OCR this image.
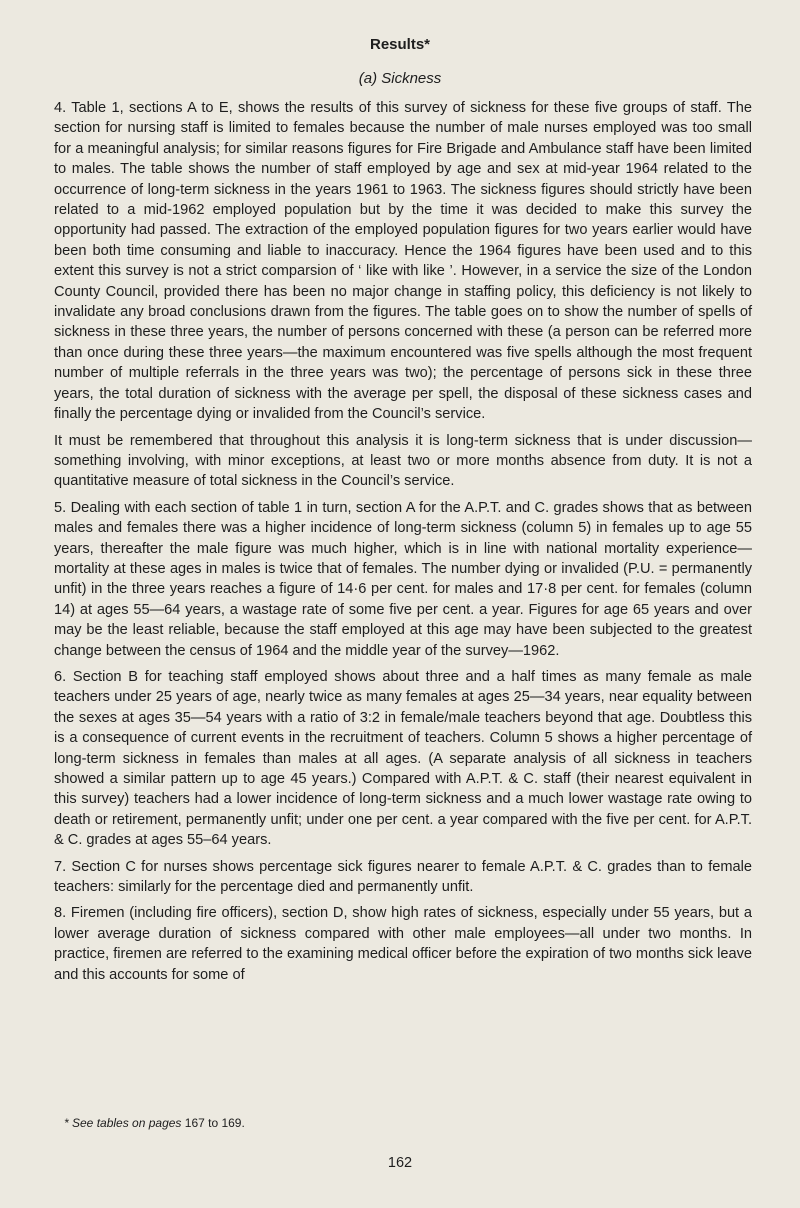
Results*
(a) Sickness

4. Table 1, sections A to E, shows the results of this survey of sickness for these five groups of staff. The section for nursing staff is limited to females because the number of male nurses employed was too small for a meaningful analysis; for similar reasons figures for Fire Brigade and Ambulance staff have been limited to males. The table shows the number of staff employed by age and sex at mid-year 1964 related to the occurrence of long-term sickness in the years 1961 to 1963. The sickness figures should strictly have been related to a mid-1962 employed population but by the time it was decided to make this survey the opportunity had passed. The extraction of the employed population figures for two years earlier would have been both time consuming and liable to inaccuracy. Hence the 1964 figures have been used and to this extent this survey is not a strict comparsion of ‘ like with like ’. However, in a service the size of the London County Council, provided there has been no major change in staffing policy, this deficiency is not likely to invalidate any broad conclusions drawn from the figures. The table goes on to show the number of spells of sickness in these three years, the number of persons concerned with these (a person can be referred more than once during these three years—the maximum encountered was five spells although the most frequent number of multiple referrals in the three years was two); the percentage of persons sick in these three years, the total duration of sickness with the average per spell, the disposal of these sickness cases and finally the percentage dying or invalided from the Council’s service.

It must be remembered that throughout this analysis it is long-term sickness that is under discussion—something involving, with minor exceptions, at least two or more months absence from duty. It is not a quantitative measure of total sickness in the Council’s service.

5. Dealing with each section of table 1 in turn, section A for the A.P.T. and C. grades shows that as between males and females there was a higher incidence of long-term sickness (column 5) in females up to age 55 years, thereafter the male figure was much higher, which is in line with national mortality experience—mortality at these ages in males is twice that of females. The number dying or invalided (P.U. = permanently unfit) in the three years reaches a figure of 14·6 per cent. for males and 17·8 per cent. for females (column 14) at ages 55—64 years, a wastage rate of some five per cent. a year. Figures for age 65 years and over may be the least reliable, because the staff employed at this age may have been subjected to the greatest change between the census of 1964 and the middle year of the survey—1962.

6. Section B for teaching staff employed shows about three and a half times as many female as male teachers under 25 years of age, nearly twice as many females at ages 25—34 years, near equality between the sexes at ages 35—54 years with a ratio of 3:2 in female/male teachers beyond that age. Doubtless this is a consequence of current events in the recruitment of teachers. Column 5 shows a higher percentage of long-term sickness in females than males at all ages. (A separate analysis of all sickness in teachers showed a similar pattern up to age 45 years.) Compared with A.P.T. & C. staff (their nearest equivalent in this survey) teachers had a lower incidence of long-term sickness and a much lower wastage rate owing to death or retirement, permanently unfit; under one per cent. a year compared with the five per cent. for A.P.T. & C. grades at ages 55–64 years.

7. Section C for nurses shows percentage sick figures nearer to female A.P.T. & C. grades than to female teachers: similarly for the percentage died and permanently unfit.

8. Firemen (including fire officers), section D, show high rates of sickness, especially under 55 years, but a lower average duration of sickness compared with other male employees—all under two months. In practice, firemen are referred to the examining medical officer before the expiration of two months sick leave and this accounts for some of

* See tables on pages 167 to 169.
162
